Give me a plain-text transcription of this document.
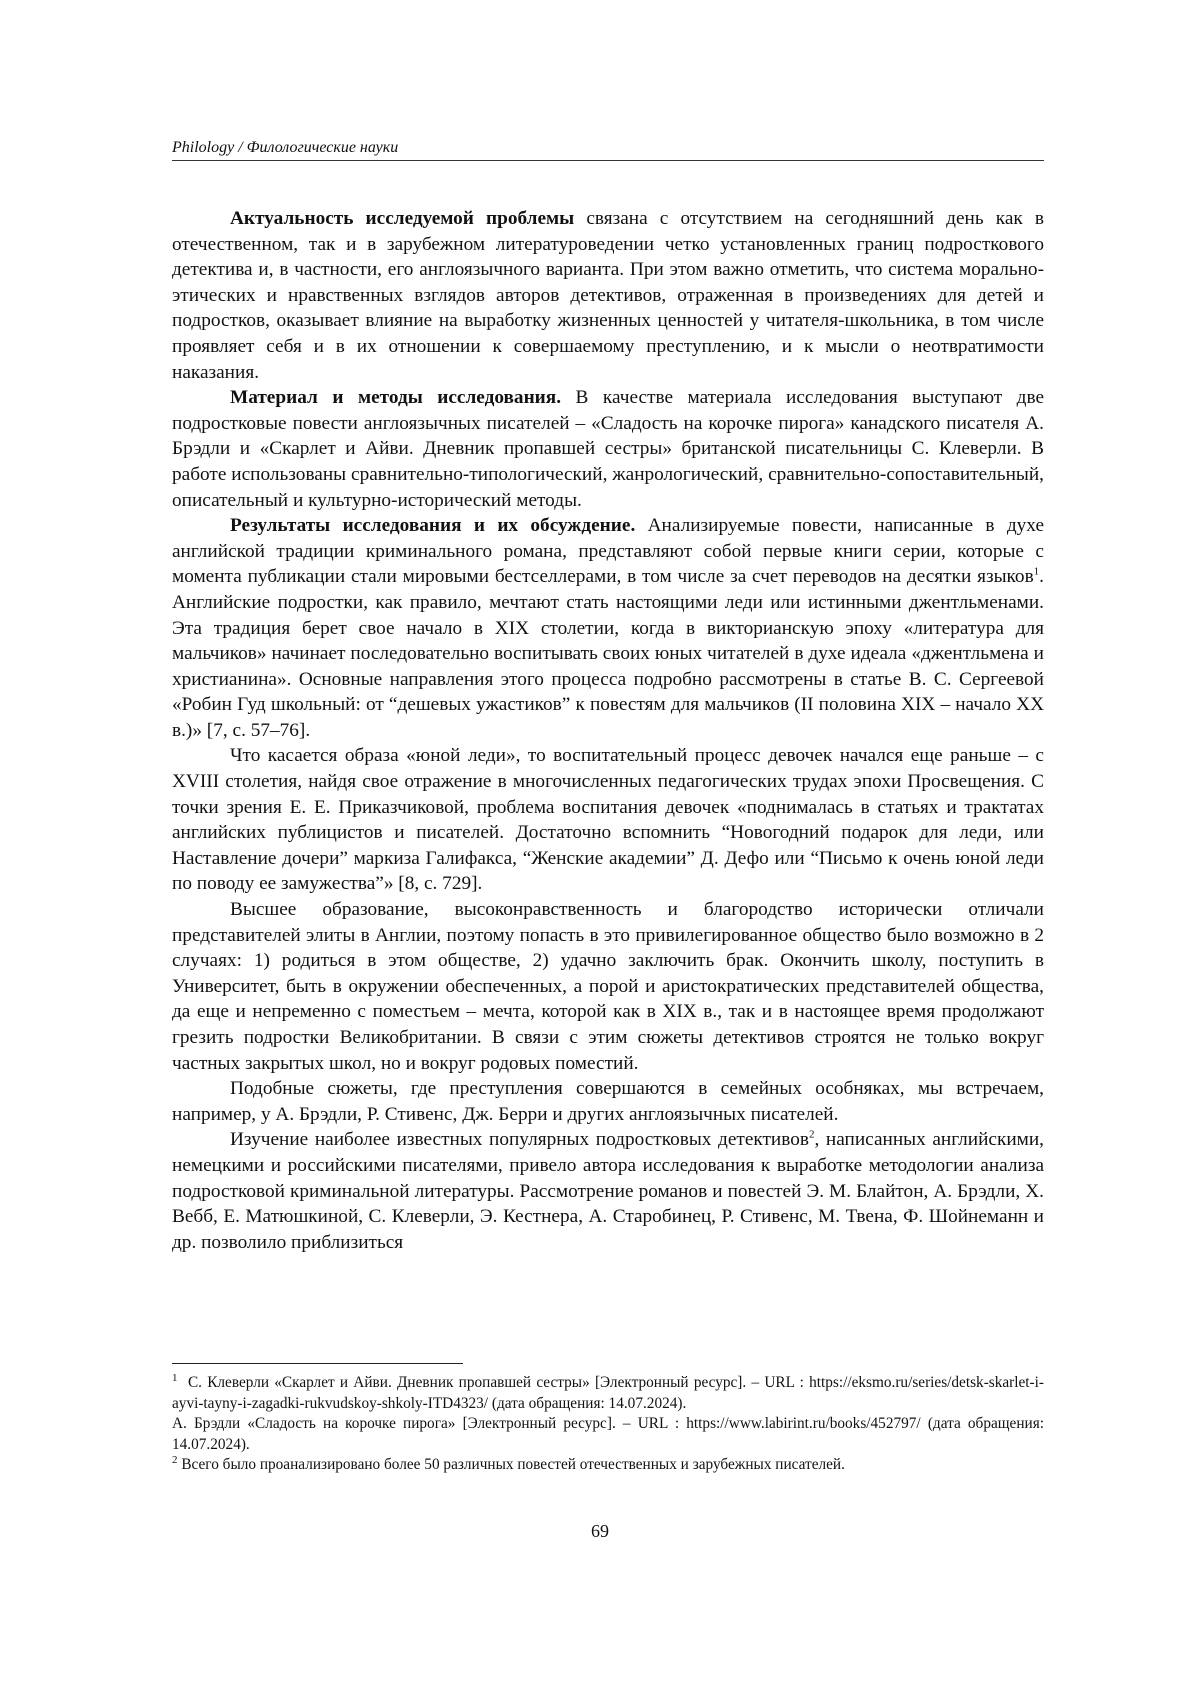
Philology / Филологические науки

Актуальность исследуемой проблемы связана с отсутствием на сегодняшний день как в отечественном, так и в зарубежном литературоведении четко установленных границ подросткового детектива и, в частности, его англоязычного варианта. При этом важно отметить, что система морально-этических и нравственных взглядов авторов детективов, отраженная в произведениях для детей и подростков, оказывает влияние на выработку жизненных ценностей у читателя-школьника, в том числе проявляет себя и в их отношении к совершаемому преступлению, и к мысли о неотвратимости наказания.

Материал и методы исследования. В качестве материала исследования выступают две подростковые повести англоязычных писателей – «Сладость на корочке пирога» канадского писателя А. Брэдли и «Скарлет и Айви. Дневник пропавшей сестры» британской писательницы С. Клеверли. В работе использованы сравнительно-типологический, жанрологический, сравнительно-сопоставительный, описательный и культурно-исторический методы.

Результаты исследования и их обсуждение. Анализируемые повести, написанные в духе английской традиции криминального романа, представляют собой первые книги серии, которые с момента публикации стали мировыми бестселлерами, в том числе за счет переводов на десятки языков$^1$. Английские подростки, как правило, мечтают стать настоящими леди или истинными джентльменами. Эта традиция берет свое начало в XIX столетии, когда в викторианскую эпоху «литература для мальчиков» начинает последовательно воспитывать своих юных читателей в духе идеала «джентльмена и христианина». Основные направления этого процесса подробно рассмотрены в статье В. С. Сергеевой «Робин Гуд школьный: от “дешевых ужастиков” к повестям для мальчиков (II половина XIX – начало XX в.)» [7, с. 57–76].

Что касается образа «юной леди», то воспитательный процесс девочек начался еще раньше – с XVIII столетия, найдя свое отражение в многочисленных педагогических трудах эпохи Просвещения. С точки зрения Е. Е. Приказчиковой, проблема воспитания девочек «поднималась в статьях и трактатах английских публицистов и писателей. Достаточно вспомнить “Новогодний подарок для леди, или Наставление дочери” маркиза Галифакса, “Женские академии” Д. Дефо или “Письмо к очень юной леди по поводу ее замужества”» [8, с. 729].

Высшее образование, высоконравственность и благородство исторически отличали представителей элиты в Англии, поэтому попасть в это привилегированное общество было возможно в 2 случаях: 1) родиться в этом обществе, 2) удачно заключить брак. Окончить школу, поступить в Университет, быть в окружении обеспеченных, а порой и аристократических представителей общества, да еще и непременно с поместьем – мечта, которой как в XIX в., так и в настоящее время продолжают грезить подростки Великобритании. В связи с этим сюжеты детективов строятся не только вокруг частных закрытых школ, но и вокруг родовых поместий.

Подобные сюжеты, где преступления совершаются в семейных особняках, мы встречаем, например, у А. Брэдли, Р. Стивенс, Дж. Берри и других англоязычных писателей.

Изучение наиболее известных популярных подростковых детективов$^2$, написанных английскими, немецкими и российскими писателями, привело автора исследования к выработке методологии анализа подростковой криминальной литературы. Рассмотрение романов и повестей Э. М. Блайтон, А. Брэдли, Х. Вебб, Е. Матюшкиной, С. Клеверли, Э. Кестнера, А. Старобинец, Р. Стивенс, М. Твена, Ф. Шойнеманн и др. позволило приблизиться

$^1$ С. Клеверли «Скарлет и Айви. Дневник пропавшей сестры» [Электронный ресурс]. – URL : https://eksmo.ru/series/detsk-skarlet-i-ayvi-tayny-i-zagadki-rukvudskoy-shkoly-ITD4323/ (дата обращения: 14.07.2024).

А. Брэдли «Сладость на корочке пирога» [Электронный ресурс]. – URL : https://www.labirint.ru/books/452797/ (дата обращения: 14.07.2024).

$^2$ Всего было проанализировано более 50 различных повестей отечественных и зарубежных писателей.

69
